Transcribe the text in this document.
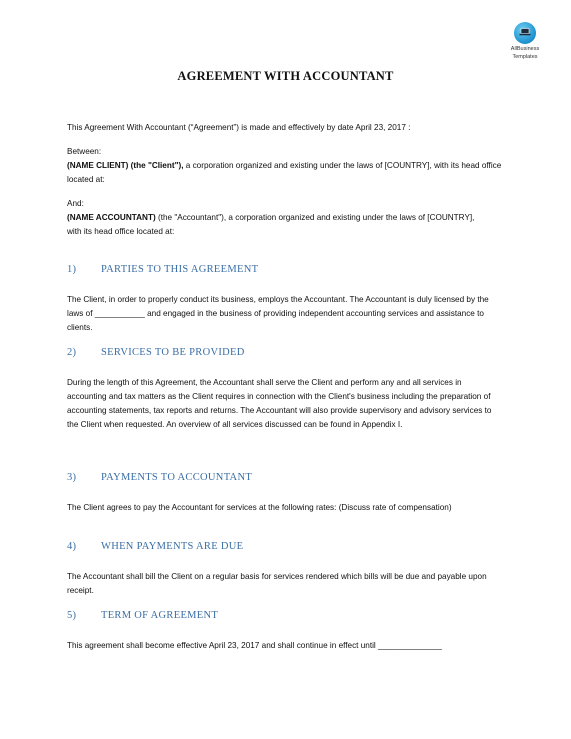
AllBusiness
Templates
AGREEMENT WITH ACCOUNTANT

This Agreement With Accountant (“Agreement”) is made and effectively by date April 23, 2017 :

Between:

(NAME CLIENT) (the "Client"), a corporation organized and existing under the laws of [COUNTRY], with its head office located at:

And:

(NAME ACCOUNTANT) (the "Accountant"), a corporation organized and existing under the laws of [COUNTRY], with its head office located at:

1) PARTIES TO THIS AGREEMENT

The Client, in order to properly conduct its business, employs the Accountant. The Accountant is duly licensed by the laws of ___________ and engaged in the business of providing independent accounting services and assistance to clients.

2) SERVICES TO BE PROVIDED

During the length of this Agreement, the Accountant shall serve the Client and perform any and all services in accounting and tax matters as the Client requires in connection with the Client's business including the preparation of accounting statements, tax reports and returns. The Accountant will also provide supervisory and advisory services to the Client when requested. An overview of all services discussed can be found in Appendix I.

3) PAYMENTS TO ACCOUNTANT

The Client agrees to pay the Accountant for services at the following rates: (Discuss rate of compensation)

4) WHEN PAYMENTS ARE DUE

The Accountant shall bill the Client on a regular basis for services rendered which bills will be due and payable upon receipt.

5) TERM OF AGREEMENT

This agreement shall become effective April 23, 2017 and shall continue in effect until ______________
